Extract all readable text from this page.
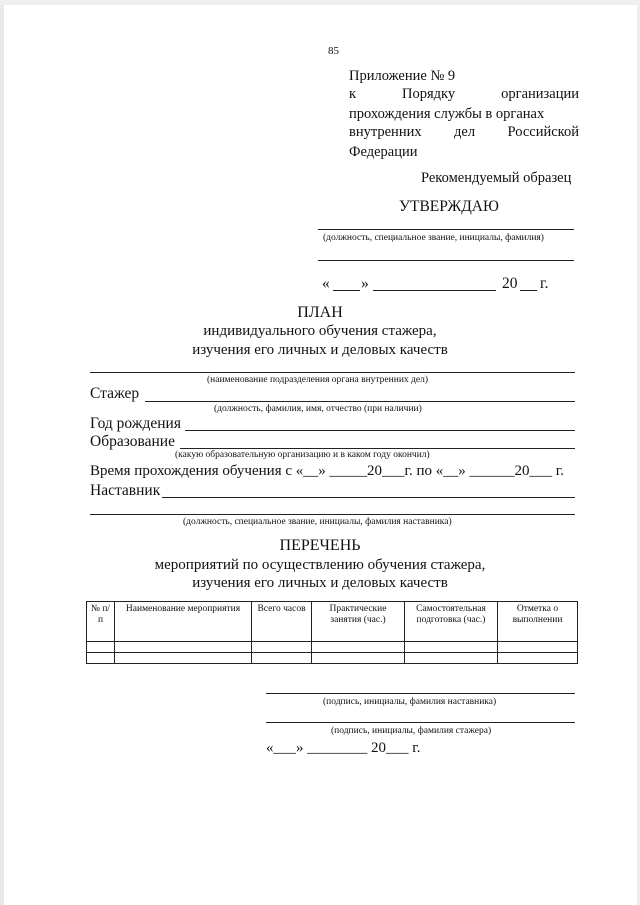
85
Приложение № 9
к	Порядку	организации
прохождения службы в органах
внутренних дел Российской
Федерации
Рекомендуемый образец
УТВЕРЖДАЮ
(должность, специальное звание, инициалы, фамилия)
« »	20 г.
ПЛАН
индивидуального обучения стажера,
изучения его личных и деловых качеств
(наименование подразделения органа внутренних дел)
Стажер
(должность, фамилия, имя, отчество (при наличии)
Год рождения
Образование
(какую образовательную организацию и в каком году окончил)
Время прохождения обучения с «__» _____20___г. по «__» ______20___ г.
Наставник
(должность, специальное звание, инициалы, фамилия наставника)
ПЕРЕЧЕНЬ
мероприятий по осуществлению обучения стажера,
изучения его личных и деловых качеств
№ п/п	Наименование мероприятия	Всего часов	Практические занятия (час.)	Самостоятельная подготовка (час.)	Отметка о выполнении

(подпись, инициалы, фамилия наставника)
(подпись, инициалы, фамилия стажера)
«___» ________ 20___ г.
